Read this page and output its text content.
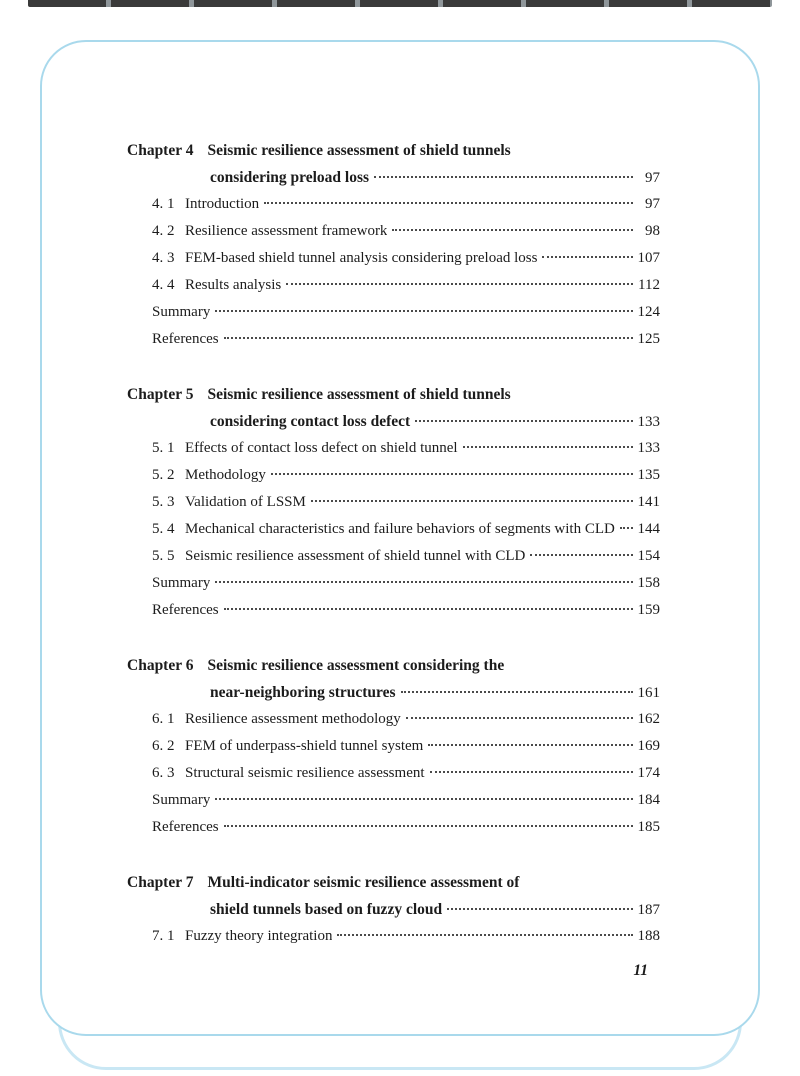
Chapter 4 Seismic resilience assessment of shield tunnels
considering preload loss	97
4. 1 Introduction	97
4. 2 Resilience assessment framework	98
4. 3 FEM-based shield tunnel analysis considering preload loss	107
4. 4 Results analysis	112
Summary	124
References	125
Chapter 5 Seismic resilience assessment of shield tunnels
considering contact loss defect	133
5. 1 Effects of contact loss defect on shield tunnel	133
5. 2 Methodology	135
5. 3 Validation of LSSM	141
5. 4 Mechanical characteristics and failure behaviors of segments with CLD 144
5. 5 Seismic resilience assessment of shield tunnel with CLD	154
Summary	158
References	159
Chapter 6 Seismic resilience assessment considering the
near-neighboring structures	161
6. 1 Resilience assessment methodology	162
6. 2 FEM of underpass-shield tunnel system	169
6. 3 Structural seismic resilience assessment	174
Summary	184
References	185
Chapter 7 Multi-indicator seismic resilience assessment of
shield tunnels based on fuzzy cloud	187
7. 1 Fuzzy theory integration	188
11
